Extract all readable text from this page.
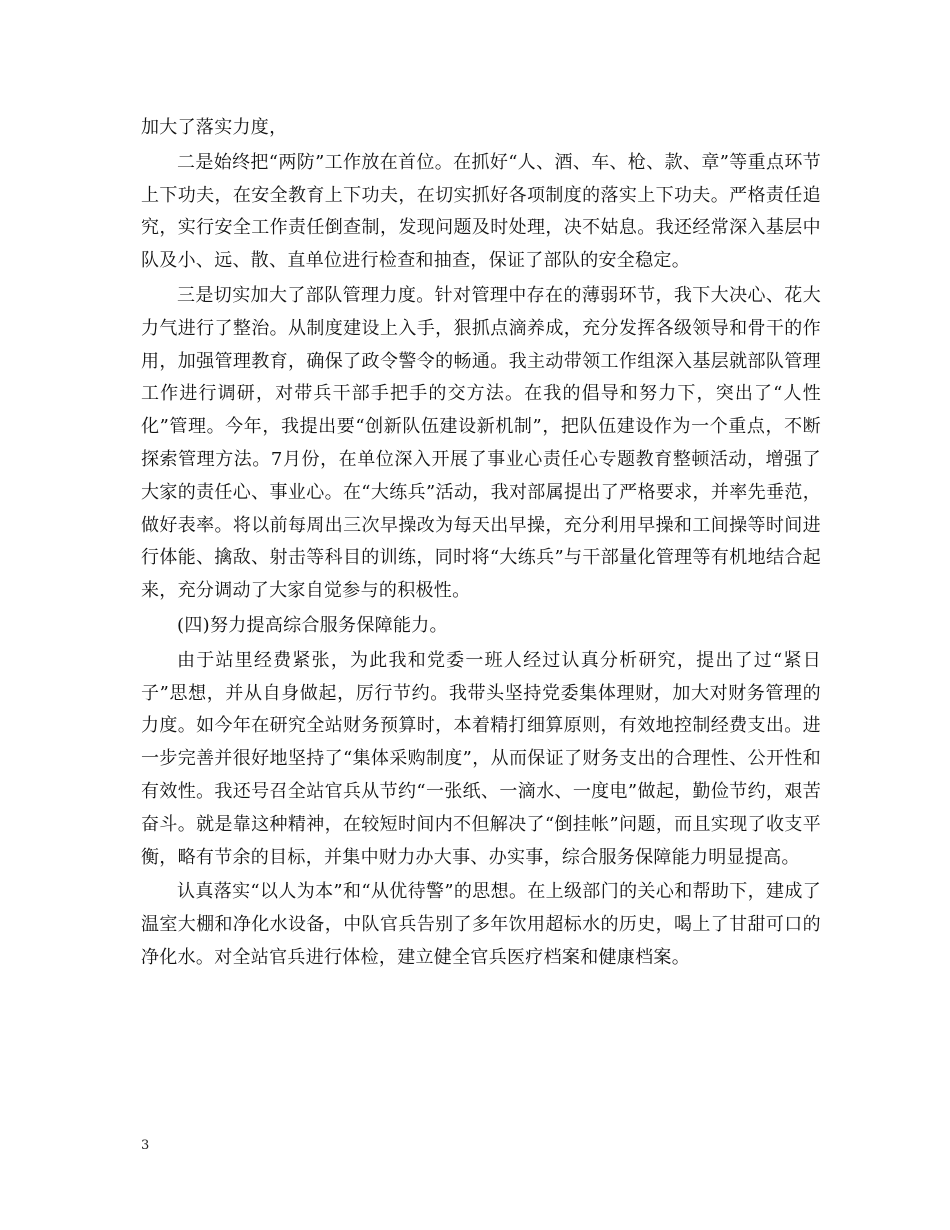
加大了落实力度，

二是始终把“两防”工作放在首位。在抓好“人、酒、车、枪、款、章”等重点环节上下功夫，在安全教育上下功夫，在切实抓好各项制度的落实上下功夫。严格责任追究，实行安全工作责任倒查制，发现问题及时处理，决不姑息。我还经常深入基层中队及小、远、散、直单位进行检查和抽查，保证了部队的安全稳定。

三是切实加大了部队管理力度。针对管理中存在的薄弱环节，我下大决心、花大力气进行了整治。从制度建设上入手，狠抓点滴养成，充分发挥各级领导和骨干的作用，加强管理教育，确保了政令警令的畅通。我主动带领工作组深入基层就部队管理工作进行调研，对带兵干部手把手的交方法。在我的倡导和努力下，突出了“人性化”管理。今年，我提出要“创新队伍建设新机制”，把队伍建设作为一个重点，不断探索管理方法。7月份，在单位深入开展了事业心责任心专题教育整顿活动，增强了大家的责任心、事业心。在“大练兵”活动，我对部属提出了严格要求，并率先垂范，做好表率。将以前每周出三次早操改为每天出早操，充分利用早操和工间操等时间进行体能、擒敌、射击等科目的训练，同时将“大练兵”与干部量化管理等有机地结合起来，充分调动了大家自觉参与的积极性。

(四)努力提高综合服务保障能力。

由于站里经费紧张，为此我和党委一班人经过认真分析研究，提出了过“紧日子”思想，并从自身做起，厉行节约。我带头坚持党委集体理财，加大对财务管理的力度。如今年在研究全站财务预算时，本着精打细算原则，有效地控制经费支出。进一步完善并很好地坚持了“集体采购制度”，从而保证了财务支出的合理性、公开性和有效性。我还号召全站官兵从节约“一张纸、一滴水、一度电”做起，勤俭节约，艰苦奋斗。就是靠这种精神，在较短时间内不但解决了“倒挂帐”问题，而且实现了收支平衡，略有节余的目标，并集中财力办大事、办实事，综合服务保障能力明显提高。

认真落实“以人为本”和“从优待警”的思想。在上级部门的关心和帮助下，建成了温室大棚和净化水设备，中队官兵告别了多年饮用超标水的历史，喝上了甘甜可口的净化水。对全站官兵进行体检，建立健全官兵医疗档案和健康档案。

3
